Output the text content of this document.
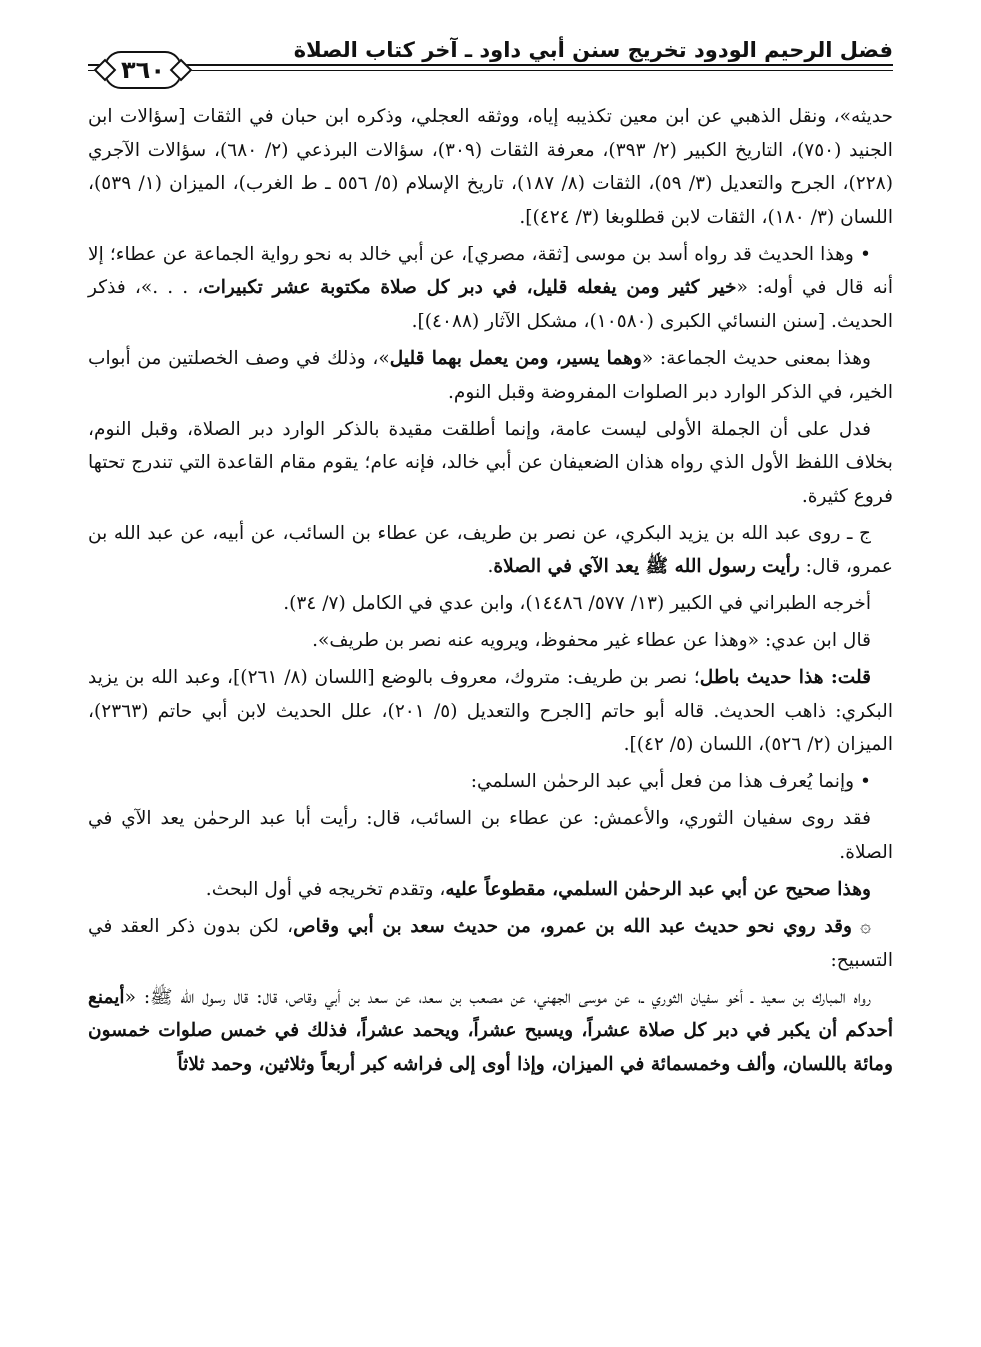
فضل الرحيم الودود تخريج سنن أبي داود ـ آخر كتاب الصلاة
٣٦٠

حديثه»، ونقل الذهبي عن ابن معين تكذيبه إياه، ووثقه العجلي، وذكره ابن حبان في الثقات [سؤالات ابن الجنيد (٧٥٠)، التاريخ الكبير (٢/ ٣٩٣)، معرفة الثقات (٣٠٩)، سؤالات البرذعي (٢/ ٦٨٠)، سؤالات الآجري (٢٢٨)، الجرح والتعديل (٣/ ٥٩)، الثقات (٨/ ١٨٧)، تاريخ الإسلام (٥/ ٥٥٦ ـ ط الغرب)، الميزان (١/ ٥٣٩)، اللسان (٣/ ١٨٠)، الثقات لابن قطلوبغا (٣/ ٤٢٤)].

• وهذا الحديث قد رواه أسد بن موسى [ثقة، مصري]، عن أبي خالد به نحو رواية الجماعة عن عطاء؛ إلا أنه قال في أوله: «خير كثير ومن يفعله قليل، في دبر كل صلاة مكتوبة عشر تكبيرات، . . .»، فذكر الحديث. [سنن النسائي الكبرى (١٠٥٨٠)، مشكل الآثار (٤٠٨٨)].

وهذا بمعنى حديث الجماعة: «وهما يسير، ومن يعمل بهما قليل»، وذلك في وصف الخصلتين من أبواب الخير، في الذكر الوارد دبر الصلوات المفروضة وقبل النوم.

فدل على أن الجملة الأولى ليست عامة، وإنما أطلقت مقيدة بالذكر الوارد دبر الصلاة، وقبل النوم، بخلاف اللفظ الأول الذي رواه هذان الضعيفان عن أبي خالد، فإنه عام؛ يقوم مقام القاعدة التي تندرج تحتها فروع كثيرة.

ج ـ روى عبد الله بن يزيد البكري، عن نصر بن طريف، عن عطاء بن السائب، عن أبيه، عن عبد الله بن عمرو، قال: رأيت رسول الله ﷺ يعد الآي في الصلاة.

أخرجه الطبراني في الكبير (١٣/ ٥٧٧/ ١٤٤٨٦)، وابن عدي في الكامل (٧/ ٣٤).

قال ابن عدي: «وهذا عن عطاء غير محفوظ، ويرويه عنه نصر بن طريف».

قلت: هذا حديث باطل؛ نصر بن طريف: متروك، معروف بالوضع [اللسان (٨/ ٢٦١)]، وعبد الله بن يزيد البكري: ذاهب الحديث. قاله أبو حاتم [الجرح والتعديل (٥/ ٢٠١)، علل الحديث لابن أبي حاتم (٢٣٦٣)، الميزان (٢/ ٥٢٦)، اللسان (٥/ ٤٢)].

• وإنما يُعرف هذا من فعل أبي عبد الرحمٰن السلمي:

فقد روى سفيان الثوري، والأعمش: عن عطاء بن السائب، قال: رأيت أبا عبد الرحمٰن يعد الآي في الصلاة.

وهذا صحيح عن أبي عبد الرحمٰن السلمي، مقطوعاً عليه، وتقدم تخريجه في أول البحث.

۞ وقد روي نحو حديث عبد الله بن عمرو، من حديث سعد بن أبي وقاص، لكن بدون ذكر العقد في التسبيح:

رواه المبارك بن سعيد ـ أخو سفيان الثوري ـ، عن موسى الجهني، عن مصعب بن سعد، عن سعد بن أبي وقاص، قال: قال رسول الله ﷺ: «أيمنع أحدكم أن يكبر في دبر كل صلاة عشراً، ويسبح عشراً، ويحمد عشراً، فذلك في خمس صلوات خمسون ومائة باللسان، وألف وخمسمائة في الميزان، وإذا أوى إلى فراشه كبر أربعاً وثلاثين، وحمد ثلاثاً
